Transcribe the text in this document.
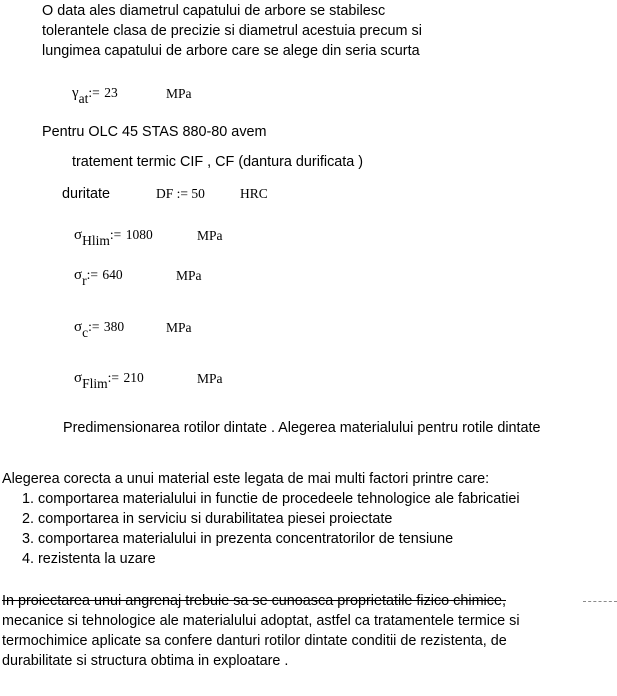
O data ales diametrul capatului de arbore se stabilesc
tolerantele clasa de precizie si diametrul acestuia precum si
lungimea capatului de arbore care se alege din seria scurta
$\gamma_{at}:= 23$	MPa
Pentru OLC 45 STAS 880-80 avem
tratement termic CIF , CF (dantura durificata )
duritate	DF := 50	HRC
$\sigma_{Hlim}:= 1080$	MPa
$\sigma_r:= 640$	MPa
$\sigma_c:= 380$	MPa
$\sigma_{Flim}:= 210$	MPa
Predimensionarea rotilor dintate . Alegerea materialului pentru rotile dintate
Alegerea corecta a unui material este legata de mai multi factori printre care:
1. comportarea materialului in functie de procedeele tehnologice ale fabricatiei
2. comportarea in serviciu si durabilitatea piesei proiectate
3. comportarea materialului in prezenta concentratorilor de tensiune
4. rezistenta la uzare
In proiectarea unui angrenaj trebuie sa se cunoasca proprietatile fizico chimice,
mecanice si tehnologice ale materialului adoptat, astfel ca tratamentele termice si
termochimice aplicate sa confere danturi rotilor dintate conditii de rezistenta, de
durabilitate si structura obtima in exploatare .
